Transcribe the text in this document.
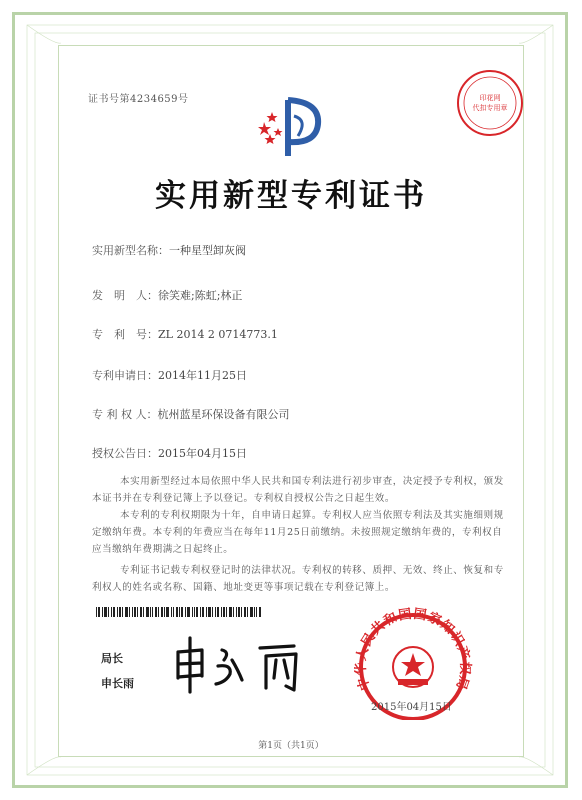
证书号第4234659号	印花网
代扣专用章
实用新型专利证书
实用新型名称：一种星型卸灰阀
发　明　人：徐笑难;陈虹;林正
专　利　号：ZL 2014 2 0714773.1
专利申请日：2014年11月25日
专 利 权 人：杭州蓝星环保设备有限公司
授权公告日：2015年04月15日
本实用新型经过本局依照中华人民共和国专利法进行初步审查，决定授予专利权，颁发本证书并在专利登记簿上予以登记。专利权自授权公告之日起生效。
本专利的专利权期限为十年，自申请日起算。专利权人应当依照专利法及其实施细则规定缴纳年费。本专利的年费应当在每年11月25日前缴纳。未按照规定缴纳年费的，专利权自应当缴纳年费期满之日起终止。
专利证书记载专利权登记时的法律状况。专利权的转移、质押、无效、终止、恢复和专利权人的姓名或名称、国籍、地址变更等事项记载在专利登记簿上。
局长
申长雨	中华人民共和国国家知识产权局
2015年04月15日
第1页（共1页）
